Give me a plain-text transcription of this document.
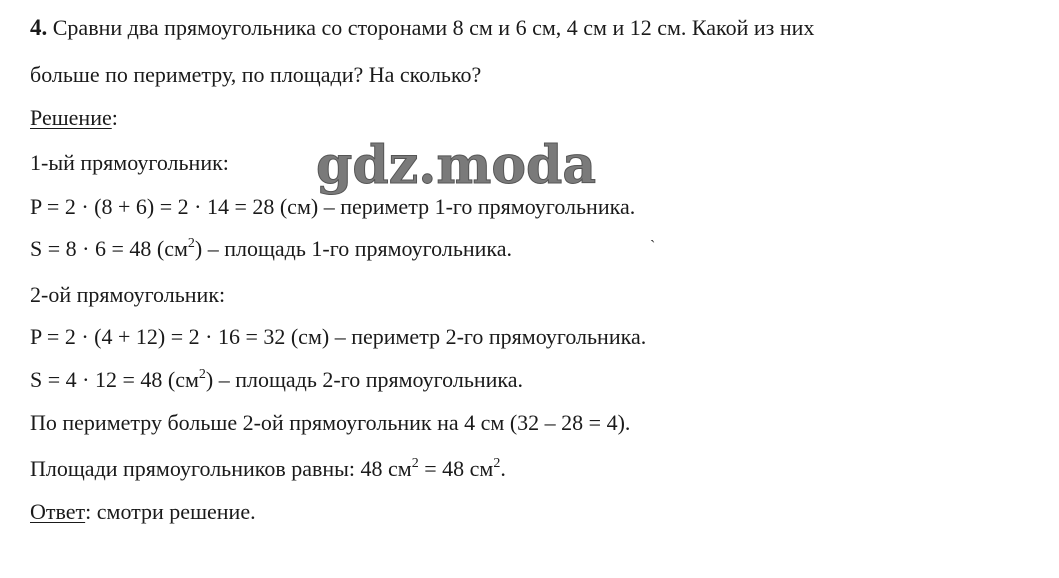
4. Сравни два прямоугольника со сторонами 8 см и 6 см, 4 см и 12 см. Какой из них
больше по периметру, по площади? На сколько?
Решение:
1-ый прямоугольник:
P = 2 · (8 + 6) = 2 · 14 = 28 (см) – периметр 1-го прямоугольника.
S = 8 · 6 = 48 $(см^2)$ – площадь 1-го прямоугольника.
2-ой прямоугольник:
P = 2 · (4 + 12) = 2 · 16 = 32 (см) – периметр 2-го прямоугольника.
S = 4 · 12 = 48 $(см^2)$ – площадь 2-го прямоугольника.
По периметру больше 2-ой прямоугольник на 4 см (32 – 28 = 4).
Площади прямоугольников равны: 48 $см^2 = 48$ $см^2$.
Ответ: смотри решение.
gdz.moda
ˋ
